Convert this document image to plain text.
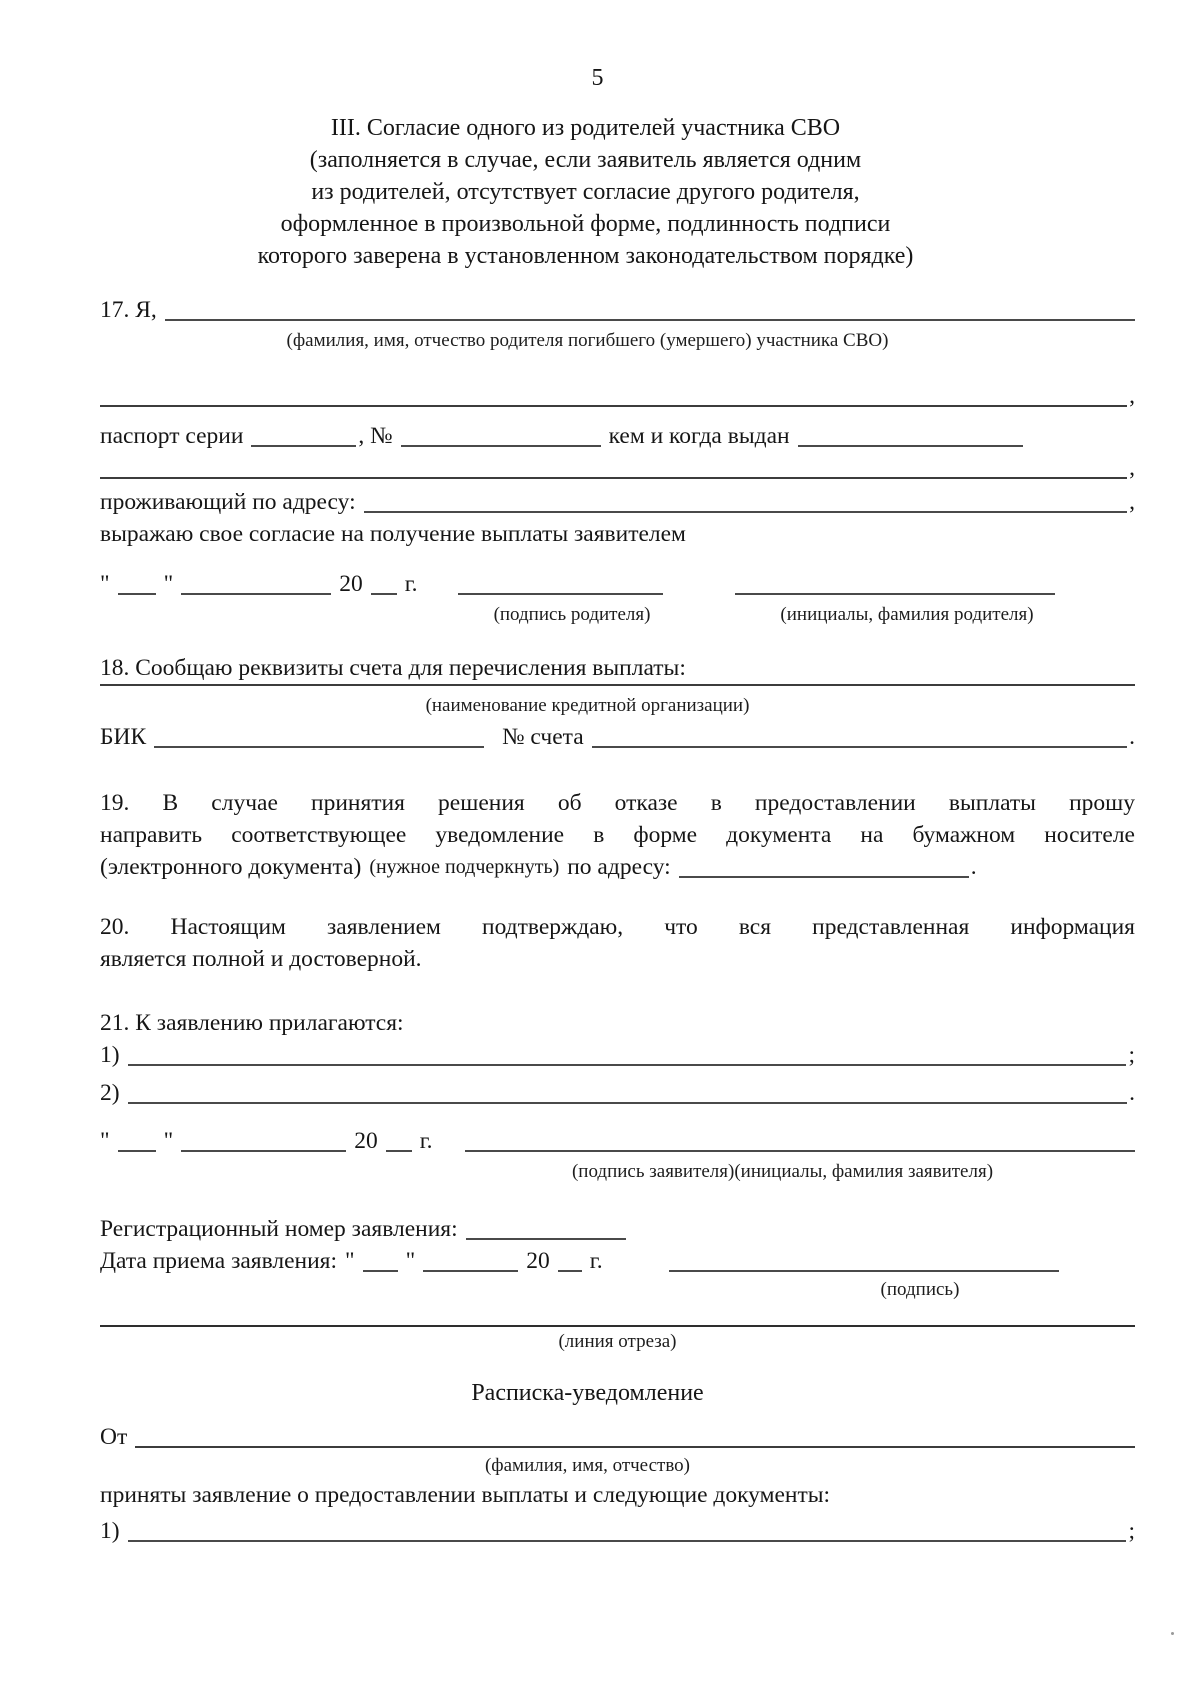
5
III. Согласие одного из родителей участника СВО
(заполняется в случае, если заявитель является одним
из родителей, отсутствует согласие другого родителя,
оформленное в произвольной форме, подлинность подписи
которого заверена в установленном законодательством порядке)
17. Я,
(фамилия, имя, отчество родителя погибшего (умершего) участника СВО)
,
паспорт серии	, №	кем и когда выдан
,
проживающий по адресу:	,
выражаю свое согласие на получение выплаты заявителем
" "	20 г.
(подпись родителя)	(инициалы, фамилия родителя)
18. Сообщаю реквизиты счета для перечисления выплаты:
(наименование кредитной организации)
БИК	№ счета	.
19. В случае принятия решения об отказе в предоставлении выплаты прошу
направить соответствующее уведомление в форме документа на бумажном носителе
(электронного документа) (нужное подчеркнуть) по адресу:	.
20. Настоящим заявлением подтверждаю, что вся представленная информация
является полной и достоверной.
21. К заявлению прилагаются:
1)	;
2)	.
" "	20 г.
(подпись заявителя)(инициалы, фамилия заявителя)
Регистрационный номер заявления:
Дата приема заявления: " "	20 г.
(подпись)
(линия отреза)
Расписка-уведомление
От
(фамилия, имя, отчество)
приняты заявление о предоставлении выплаты и следующие документы:
1)	;
